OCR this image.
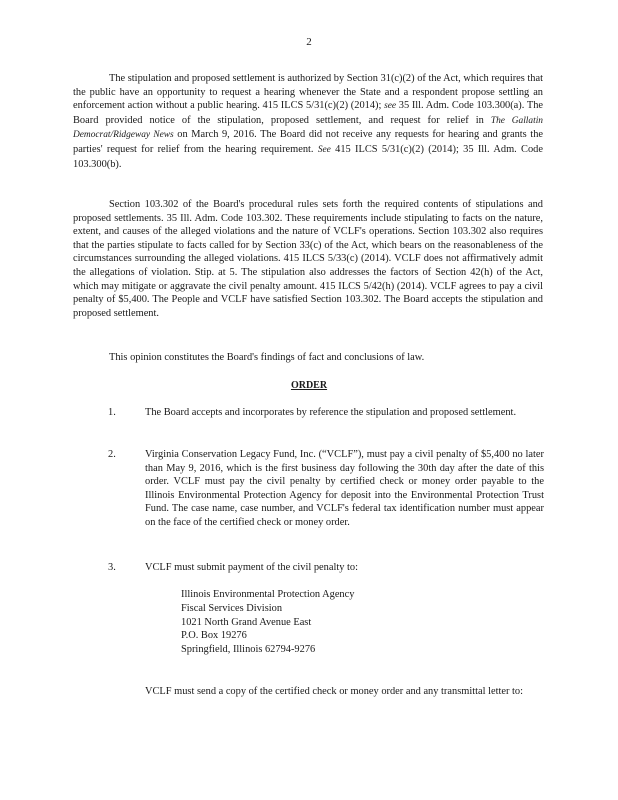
2
The stipulation and proposed settlement is authorized by Section 31(c)(2) of the Act, which requires that the public have an opportunity to request a hearing whenever the State and a respondent propose settling an enforcement action without a public hearing. 415 ILCS 5/31(c)(2) (2014); see 35 Ill. Adm. Code 103.300(a). The Board provided notice of the stipulation, proposed settlement, and request for relief in The Gallatin Democrat/Ridgeway News on March 9, 2016. The Board did not receive any requests for hearing and grants the parties' request for relief from the hearing requirement. See 415 ILCS 5/31(c)(2) (2014); 35 Ill. Adm. Code 103.300(b).
Section 103.302 of the Board's procedural rules sets forth the required contents of stipulations and proposed settlements. 35 Ill. Adm. Code 103.302. These requirements include stipulating to facts on the nature, extent, and causes of the alleged violations and the nature of VCLF's operations. Section 103.302 also requires that the parties stipulate to facts called for by Section 33(c) of the Act, which bears on the reasonableness of the circumstances surrounding the alleged violations. 415 ILCS 5/33(c) (2014). VCLF does not affirmatively admit the allegations of violation. Stip. at 5. The stipulation also addresses the factors of Section 42(h) of the Act, which may mitigate or aggravate the civil penalty amount. 415 ILCS 5/42(h) (2014). VCLF agrees to pay a civil penalty of $5,400. The People and VCLF have satisfied Section 103.302. The Board accepts the stipulation and proposed settlement.
This opinion constitutes the Board's findings of fact and conclusions of law.
ORDER
1.	The Board accepts and incorporates by reference the stipulation and proposed settlement.
2.	Virginia Conservation Legacy Fund, Inc. (“VCLF”), must pay a civil penalty of $5,400 no later than May 9, 2016, which is the first business day following the 30th day after the date of this order. VCLF must pay the civil penalty by certified check or money order payable to the Illinois Environmental Protection Agency for deposit into the Environmental Protection Trust Fund. The case name, case number, and VCLF's federal tax identification number must appear on the face of the certified check or money order.
3.	VCLF must submit payment of the civil penalty to:
Illinois Environmental Protection Agency
Fiscal Services Division
1021 North Grand Avenue East
P.O. Box 19276
Springfield, Illinois 62794-9276
VCLF must send a copy of the certified check or money order and any transmittal letter to:
